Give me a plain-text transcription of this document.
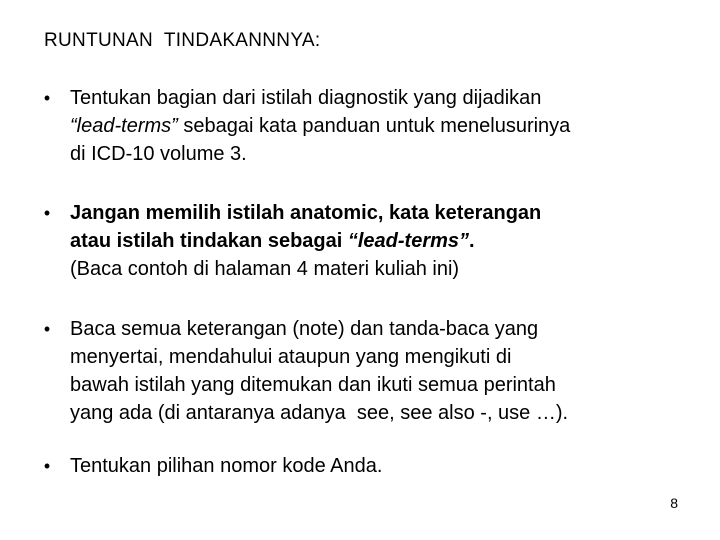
RUNTUNAN  TINDAKANNNYA:
• Tentukan bagian dari istilah diagnostik yang dijadikan
“lead-terms” sebagai kata panduan untuk menelusurinya
di ICD-10 volume 3.
• Jangan memilih istilah anatomic, kata keterangan
atau istilah tindakan sebagai “lead-terms”.
(Baca contoh di halaman 4 materi kuliah ini)
• Baca semua keterangan (note) dan tanda-baca yang
menyertai, mendahului ataupun yang mengikuti di
bawah istilah yang ditemukan dan ikuti semua perintah
yang ada (di antaranya adanya  see, see also -, use …).
• Tentukan pilihan nomor kode Anda.
8
